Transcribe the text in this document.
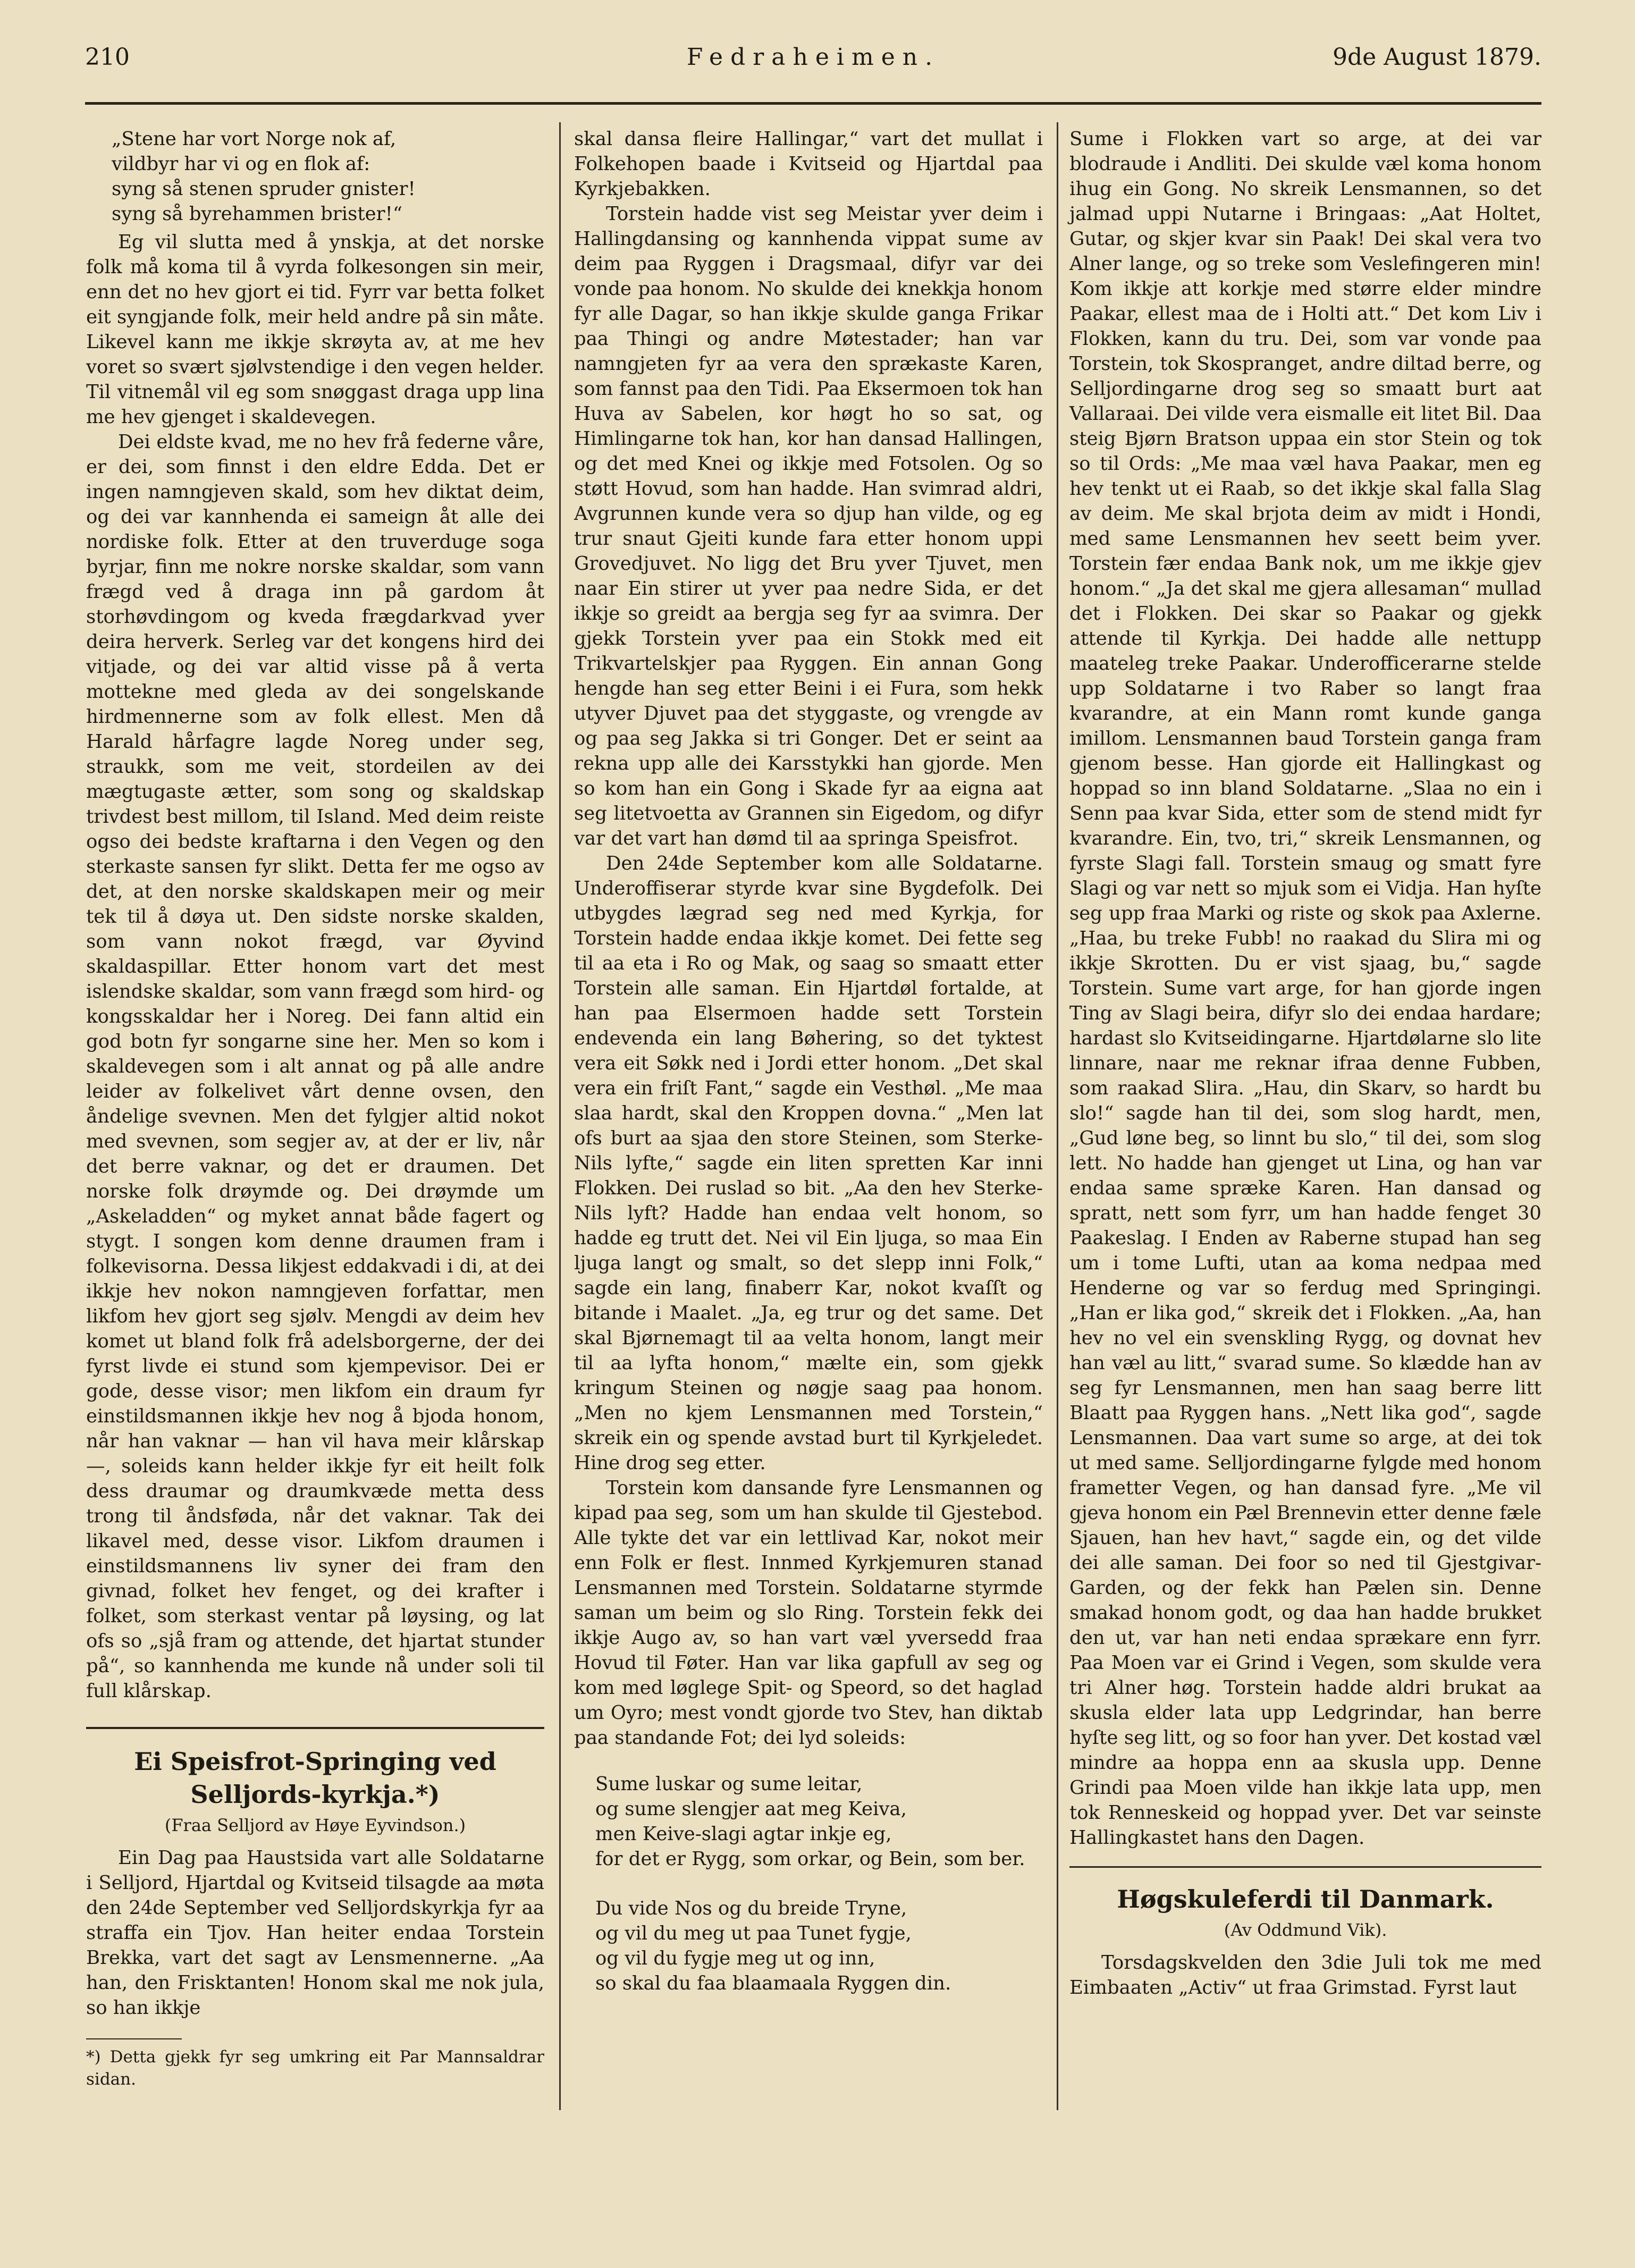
210	Fedraheimen.	9de August 1879.
„Stene har vort Norge nok af,
vildbyr har vi og en flok af:
syng så stenen spruder gnister!
syng så byrehammen brister!“

Eg vil slutta med å ynskja, at det norske folk må koma til å vyrda folkesongen sin meir, enn det no hev gjort ei tid. Fyrr var betta folket eit syngjande folk, meir held andre på sin måte. Likevel kann me ikkje skrøyta av, at me hev voret so svært sjølvstendige i den vegen helder. Til vitnemål vil eg som snøggast draga upp lina me hev gjenget i skaldevegen.

Dei eldste kvad, me no hev frå federne våre, er dei, som finnst i den eldre Edda. Det er ingen namngjeven skald, som hev diktat deim, og dei var kannhenda ei sameign åt alle dei nordiske folk. Etter at den truverduge soga byrjar, finn me nokre norske skaldar, som vann frægd ved å draga inn på gardom åt storhøvdingom og kveda frægdarkvad yver deira herverk. Serleg var det kongens hird dei vitjade, og dei var altid visse på å verta mottekne med gleda av dei songelskande hirdmennerne som av folk ellest. Men då Harald hårfagre lagde Noreg under seg, straukk, som me veit, stordeilen av dei mægtugaste ætter, som song og skaldskap trivdest best millom, til Island. Med deim reiste ogso dei bedste kraftarna i den Vegen og den sterkaste sansen fyr slikt. Detta fer me ogso av det, at den norske skaldskapen meir og meir tek til å døya ut. Den sidste norske skalden, som vann nokot frægd, var Øyvind skaldaspillar. Etter honom vart det mest islendske skaldar, som vann frægd som hird- og kongsskaldar her i Noreg. Dei fann altid ein god botn fyr songarne sine her. Men so kom i skaldevegen som i alt annat og på alle andre leider av folkelivet vårt denne ovsen, den åndelige svevnen. Men det fylgjer altid nokot med svevnen, som segjer av, at der er liv, når det berre vaknar, og det er draumen. Det norske folk drøymde og. Dei drøymde um „Askeladden“ og myket annat både fagert og stygt. I songen kom denne draumen fram i folkevisorna. Dessa likjest eddakvadi i di, at dei ikkje hev nokon namngjeven forfattar, men likfom hev gjort seg sjølv. Mengdi av deim hev komet ut bland folk frå adelsborgerne, der dei fyrst livde ei stund som kjempevisor. Dei er gode, desse visor; men likfom ein draum fyr einstildsmannen ikkje hev nog å bjoda honom, når han vaknar — han vil hava meir klårskap —, soleids kann helder ikkje fyr eit heilt folk dess draumar og draumkvæde metta dess trong til åndsføda, når det vaknar. Tak dei likavel med, desse visor. Likfom draumen i einstildsmannens liv syner dei fram den givnad, folket hev fenget, og dei krafter i folket, som sterkast ventar på løysing, og lat ofs so „sjå fram og attende, det hjartat stunder på“, so kannhenda me kunde nå under soli til full klårskap.

Ei Speisfrot-Springing ved Selljords-kyrkja.*)
(Fraa Selljord av Høye Eyvindson.)

Ein Dag paa Haustsida vart alle Soldatarne i Selljord, Hjartdal og Kvitseid tilsagde aa møta den 24de September ved Selljordskyrkja fyr aa straffa ein Tjov. Han heiter endaa Torstein Brekka, vart det sagt av Lensmennerne. „Aa han, den Frisktanten! Honom skal me nok jula, so han ikkje

*) Detta gjekk fyr seg umkring eit Par Mannsaldrar sidan.

skal dansa fleire Hallingar,“ vart det mullat i Folkehopen baade i Kvitseid og Hjartdal paa Kyrkjebakken.

Torstein hadde vist seg Meistar yver deim i Hallingdansing og kannhenda vippat sume av deim paa Ryggen i Dragsmaal, difyr var dei vonde paa honom. No skulde dei knekkja honom fyr alle Dagar, so han ikkje skulde ganga Frikar paa Thingi og andre Møtestader; han var namngjeten fyr aa vera den sprækaste Karen, som fannst paa den Tidi. Paa Eksermoen tok han Huva av Sabelen, kor høgt ho so sat, og Himlingarne tok han, kor han dansad Hallingen, og det med Knei og ikkje med Fotsolen. Og so støtt Hovud, som han hadde. Han svimrad aldri, Avgrunnen kunde vera so djup han vilde, og eg trur snaut Gjeiti kunde fara etter honom uppi Grovedjuvet. No ligg det Bru yver Tjuvet, men naar Ein stirer ut yver paa nedre Sida, er det ikkje so greidt aa bergja seg fyr aa svimra. Der gjekk Torstein yver paa ein Stokk med eit Trikvartelskjer paa Ryggen. Ein annan Gong hengde han seg etter Beini i ei Fura, som hekk utyver Djuvet paa det styggaste, og vrengde av og paa seg Jakka si tri Gonger. Det er seint aa rekna upp alle dei Karsstykki han gjorde. Men so kom han ein Gong i Skade fyr aa eigna aat seg litetvoetta av Grannen sin Eigedom, og difyr var det vart han dømd til aa springa Speisfrot.

Den 24de September kom alle Soldatarne. Underoffiserar styrde kvar sine Bygdefolk. Dei utbygdes lægrad seg ned med Kyrkja, for Torstein hadde endaa ikkje komet. Dei fette seg til aa eta i Ro og Mak, og saag so smaatt etter Torstein alle saman. Ein Hjartdøl fortalde, at han paa Elsermoen hadde sett Torstein endevenda ein lang Bøhering, so det tyktest vera eit Søkk ned i Jordi etter honom. „Det skal vera ein friſt Fant,“ sagde ein Vesthøl. „Me maa slaa hardt, skal den Kroppen dovna.“ „Men lat ofs burt aa sjaa den store Steinen, som Sterke-Nils lyfte,“ sagde ein liten spretten Kar inni Flokken. Dei ruslad so bit. „Aa den hev Sterke-Nils lyft? Hadde han endaa velt honom, so hadde eg trutt det. Nei vil Ein ljuga, so maa Ein ljuga langt og smalt, so det slepp inni Folk,“ sagde ein lang, finaberr Kar, nokot kvaſſt og bitande i Maalet. „Ja, eg trur og det same. Det skal Bjørnemagt til aa velta honom, langt meir til aa lyfta honom,“ mælte ein, som gjekk kringum Steinen og nøgje saag paa honom. „Men no kjem Lensmannen med Torstein,“ skreik ein og spende avstad burt til Kyrkjeledet. Hine drog seg etter.

Torstein kom dansande fyre Lensmannen og kipad paa seg, som um han skulde til Gjestebod. Alle tykte det var ein lettlivad Kar, nokot meir enn Folk er flest. Innmed Kyrkjemuren stanad Lensmannen med Torstein. Soldatarne styrmde saman um beim og slo Ring. Torstein fekk dei ikkje Augo av, so han vart væl yversedd fraa Hovud til Føter. Han var lika gapfull av seg og kom med løglege Spit- og Speord, so det haglad um Oyro; mest vondt gjorde tvo Stev, han diktab paa standande Fot; dei lyd soleids:

Sume luskar og sume leitar,
og sume slengjer aat meg Keiva,
men Keive-slagi agtar inkje eg,
for det er Rygg, som orkar, og Bein, som ber.
Du vide Nos og du breide Tryne,
og vil du meg ut paa Tunet fygje,
og vil du fygje meg ut og inn,
so skal du faa blaamaala Ryggen din.

Sume i Flokken vart so arge, at dei var blodraude i Andliti. Dei skulde væl koma honom ihug ein Gong. No skreik Lensmannen, so det jalmad uppi Nutarne i Bringaas: „Aat Holtet, Gutar, og skjer kvar sin Paak! Dei skal vera tvo Alner lange, og so treke som Veslefingeren min! Kom ikkje att korkje med større elder mindre Paakar, ellest maa de i Holti att.“ Det kom Liv i Flokken, kann du tru. Dei, som var vonde paa Torstein, tok Skospranget, andre diltad berre, og Selljordingarne drog seg so smaatt burt aat Vallaraai. Dei vilde vera eismalle eit litet Bil. Daa steig Bjørn Bratson uppaa ein stor Stein og tok so til Ords: „Me maa væl hava Paakar, men eg hev tenkt ut ei Raab, so det ikkje skal falla Slag av deim. Me skal brjota deim av midt i Hondi, med same Lensmannen hev seett beim yver. Torstein fær endaa Bank nok, um me ikkje gjev honom.“ „Ja det skal me gjera allesaman“ mullad det i Flokken. Dei skar so Paakar og gjekk attende til Kyrkja. Dei hadde alle nettupp maateleg treke Paakar. Underofficerarne stelde upp Soldatarne i tvo Raber so langt fraa kvarandre, at ein Mann romt kunde ganga imillom. Lensmannen baud Torstein ganga fram gjenom besse. Han gjorde eit Hallingkast og hoppad so inn bland Soldatarne. „Slaa no ein i Senn paa kvar Sida, etter som de stend midt fyr kvarandre. Ein, tvo, tri,“ skreik Lensmannen, og fyrste Slagi fall. Torstein smaug og smatt fyre Slagi og var nett so mjuk som ei Vidja. Han hyſte seg upp fraa Marki og riste og skok paa Axlerne. „Haa, bu treke Fubb! no raakad du Slira mi og ikkje Skrotten. Du er vist sjaag, bu,“ sagde Torstein. Sume vart arge, for han gjorde ingen Ting av Slagi beira, difyr slo dei endaa hardare; hardast slo Kvitseidingarne. Hjartdølarne slo lite linnare, naar me reknar ifraa denne Fubben, som raakad Slira. „Hau, din Skarv, so hardt bu slo!“ sagde han til dei, som slog hardt, men, „Gud løne beg, so linnt bu slo,“ til dei, som slog lett. No hadde han gjenget ut Lina, og han var endaa same spræke Karen. Han dansad og spratt, nett som fyrr, um han hadde fenget 30 Paakeslag. I Enden av Raberne stupad han seg um i tome Lufti, utan aa koma nedpaa med Henderne og var so ferdug med Springingi. „Han er lika god,“ skreik det i Flokken. „Aa, han hev no vel ein svenskling Rygg, og dovnat hev han væl au litt,“ svarad sume. So klædde han av seg fyr Lensmannen, men han saag berre litt Blaatt paa Ryggen hans. „Nett lika god“, sagde Lensmannen. Daa vart sume so arge, at dei tok ut med same. Selljordingarne fylgde med honom frametter Vegen, og han dansad fyre. „Me vil gjeva honom ein Pæl Brennevin etter denne fæle Sjauen, han hev havt,“ sagde ein, og det vilde dei alle saman. Dei foor so ned til Gjestgivar-Garden, og der fekk han Pælen sin. Denne smakad honom godt, og daa han hadde brukket den ut, var han neti endaa sprækare enn fyrr. Paa Moen var ei Grind i Vegen, som skulde vera tri Alner høg. Torstein hadde aldri brukat aa skusla elder lata upp Ledgrindar, han berre hyſte seg litt, og so foor han yver. Det kostad væl mindre aa hoppa enn aa skusla upp. Denne Grindi paa Moen vilde han ikkje lata upp, men tok Renneskeid og hoppad yver. Det var seinste Hallingkastet hans den Dagen.

Høgskuleferdi til Danmark.
(Av Oddmund Vik).

Torsdagskvelden den 3die Juli tok me med Eimbaaten „Activ“ ut fraa Grimstad. Fyrst laut
